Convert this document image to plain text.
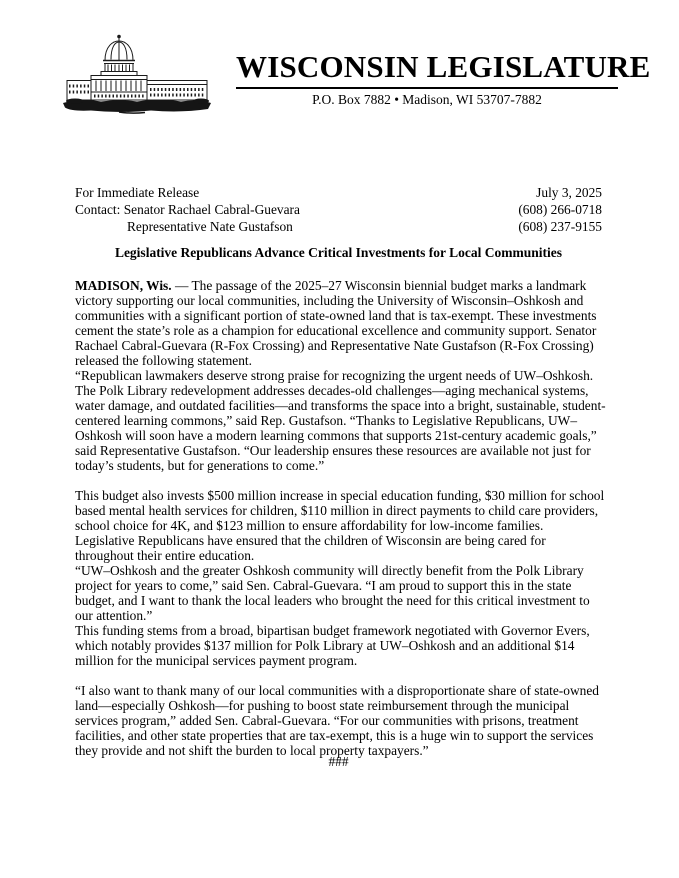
WISCONSIN LEGISLATURE
P.O. Box 7882 • Madison, WI 53707-7882
For Immediate Release	July 3, 2025
Contact: Senator Rachael Cabral-Guevara	(608) 266-0718
Representative Nate Gustafson	(608) 237-9155
Legislative Republicans Advance Critical Investments for Local Communities

MADISON, Wis. — The passage of the 2025–27 Wisconsin biennial budget marks a landmark victory supporting our local communities, including the University of Wisconsin–Oshkosh and communities with a significant portion of state-owned land that is tax-exempt. These investments cement the state’s role as a champion for educational excellence and community support. Senator Rachael Cabral-Guevara (R-Fox Crossing) and Representative Nate Gustafson (R-Fox Crossing) released the following statement.

“Republican lawmakers deserve strong praise for recognizing the urgent needs of UW–Oshkosh. The Polk Library redevelopment addresses decades-old challenges—aging mechanical systems, water damage, and outdated facilities—and transforms the space into a bright, sustainable, student-centered learning commons,” said Rep. Gustafson. “Thanks to Legislative Republicans, UW–Oshkosh will soon have a modern learning commons that supports 21st-century academic goals,” said Representative Gustafson. “Our leadership ensures these resources are available not just for today’s students, but for generations to come.”

This budget also invests $500 million increase in special education funding, $30 million for school based mental health services for children, $110 million in direct payments to child care providers, school choice for 4K, and $123 million to ensure affordability for low-income families. Legislative Republicans have ensured that the children of Wisconsin are being cared for throughout their entire education.

“UW–Oshkosh and the greater Oshkosh community will directly benefit from the Polk Library project for years to come,” said Sen. Cabral-Guevara. “I am proud to support this in the state budget, and I want to thank the local leaders who brought the need for this critical investment to our attention.”

This funding stems from a broad, bipartisan budget framework negotiated with Governor Evers, which notably provides $137 million for Polk Library at UW–Oshkosh and an additional $14 million for the municipal services payment program.

“I also want to thank many of our local communities with a disproportionate share of state-owned land—especially Oshkosh—for pushing to boost state reimbursement through the municipal services program,” added Sen. Cabral-Guevara. “For our communities with prisons, treatment facilities, and other state properties that are tax-exempt, this is a huge win to support the services they provide and not shift the burden to local property taxpayers.”

###
